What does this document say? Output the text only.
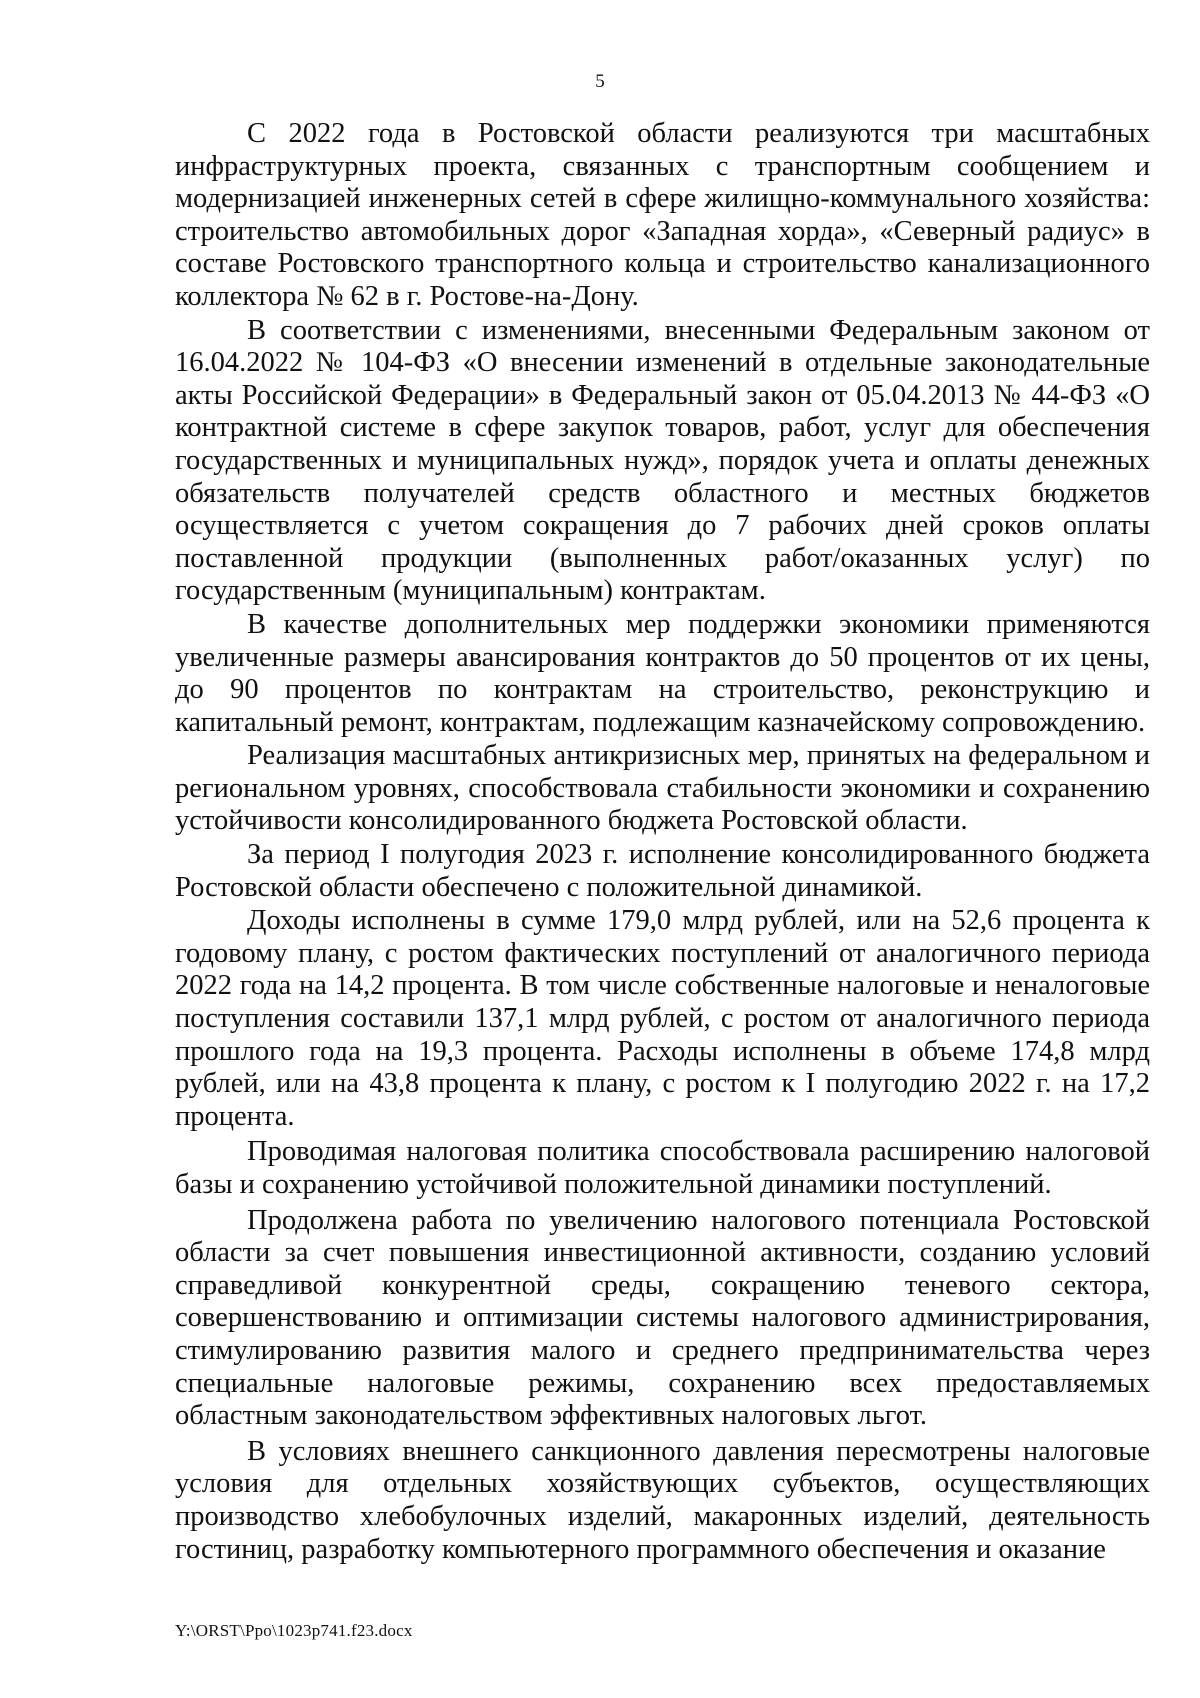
5

С 2022 года в Ростовской области реализуются три масштабных инфраструктурных проекта, связанных с транспортным сообщением и модернизацией инженерных сетей в сфере жилищно-коммунального хозяйства: строительство автомобильных дорог «Западная хорда», «Северный радиус» в составе Ростовского транспортного кольца и строительство канализационного коллектора № 62 в г. Ростове-на-Дону.

В соответствии с изменениями, внесенными Федеральным законом от 16.04.2022 № 104-ФЗ «О внесении изменений в отдельные законодательные акты Российской Федерации» в Федеральный закон от 05.04.2013 № 44-ФЗ «О контрактной системе в сфере закупок товаров, работ, услуг для обеспечения государственных и муниципальных нужд», порядок учета и оплаты денежных обязательств получателей средств областного и местных бюджетов осуществляется с учетом сокращения до 7 рабочих дней сроков оплаты поставленной продукции (выполненных работ/оказанных услуг) по государственным (муниципальным) контрактам.

В качестве дополнительных мер поддержки экономики применяются увеличенные размеры авансирования контрактов до 50 процентов от их цены, до 90 процентов по контрактам на строительство, реконструкцию и капитальный ремонт, контрактам, подлежащим казначейскому сопровождению.

Реализация масштабных антикризисных мер, принятых на федеральном и региональном уровнях, способствовала стабильности экономики и сохранению устойчивости консолидированного бюджета Ростовской области.

За период I полугодия 2023 г. исполнение консолидированного бюджета Ростовской области обеспечено с положительной динамикой.

Доходы исполнены в сумме 179,0 млрд рублей, или на 52,6 процента к годовому плану, с ростом фактических поступлений от аналогичного периода 2022 года на 14,2 процента. В том числе собственные налоговые и неналоговые поступления составили 137,1 млрд рублей, с ростом от аналогичного периода прошлого года на 19,3 процента. Расходы исполнены в объеме 174,8 млрд рублей, или на 43,8 процента к плану, с ростом к I полугодию 2022 г. на 17,2 процента.

Проводимая налоговая политика способствовала расширению налоговой базы и сохранению устойчивой положительной динамики поступлений.

Продолжена работа по увеличению налогового потенциала Ростовской области за счет повышения инвестиционной активности, созданию условий справедливой конкурентной среды, сокращению теневого сектора, совершенствованию и оптимизации системы налогового администрирования, стимулированию развития малого и среднего предпринимательства через специальные налоговые режимы, сохранению всех предоставляемых областным законодательством эффективных налоговых льгот.

В условиях внешнего санкционного давления пересмотрены налоговые условия для отдельных хозяйствующих субъектов, осуществляющих производство хлебобулочных изделий, макаронных изделий, деятельность гостиниц, разработку компьютерного программного обеспечения и оказание

Y:\ORST\Рро\1023р741.f23.docx
